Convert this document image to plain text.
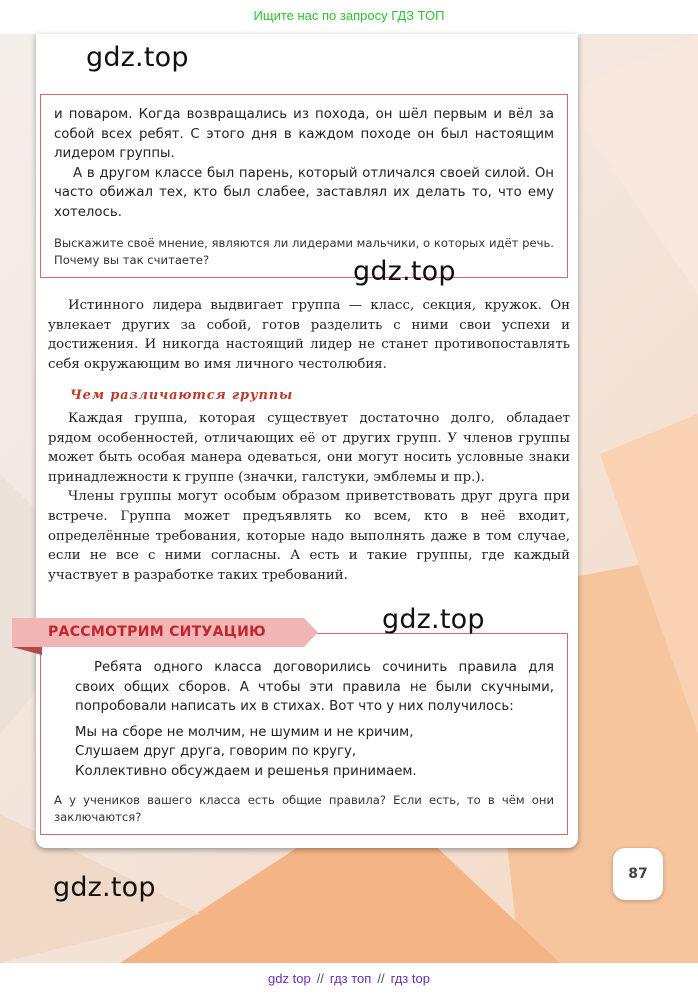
Ищите нас по запросу ГДЗ ТОП
gdz.top

и поваром. Когда возвращались из похода, он шёл первым и вёл за собой всех ребят. С этого дня в каждом походе он был настоящим лидером группы.

А в другом классе был парень, который отличался своей силой. Он часто обижал тех, кто был слабее, заставлял их делать то, что ему хотелось.

Выскажите своё мнение, являются ли лидерами мальчики, о которых идёт речь. Почему вы так считаете?	gdz.top

Истинного лидера выдвигает группа — класс, секция, кружок. Он увлекает других за собой, готов разделить с ними свои успехи и достижения. И никогда настоящий лидер не станет противопоставлять себя окружающим во имя личного честолюбия.

Чем различаются группы

Каждая группа, которая существует достаточно долго, обладает рядом особенностей, отличающих её от других групп. У членов группы может быть особая манера одеваться, они могут носить условные знаки принадлежности к группе (значки, галстуки, эмблемы и пр.).

Члены группы могут особым образом приветствовать друг друга при встрече. Группа может предъявлять ко всем, кто в неё входит, определённые требования, которые надо выполнять даже в том случае, если не все с ними согласны. А есть и такие группы, где каждый участвует в разработке таких требований.

Ребята одного класса договорились сочинить правила для своих общих сборов. А чтобы эти правила не были скучными, попробовали написать их в стихах. Вот что у них получилось:

Мы на сборе не молчим, не шумим и не кричим,

Слушаем друг друга, говорим по кругу,

Коллективно обсуждаем и решенья принимаем.

А у учеников вашего класса есть общие правила? Если есть, то в чём они заключаются?

РАССМОТРИМ СИТУАЦИЮ	gdz.top
gdz.top	87
gdz top // гдз топ // гдз top
